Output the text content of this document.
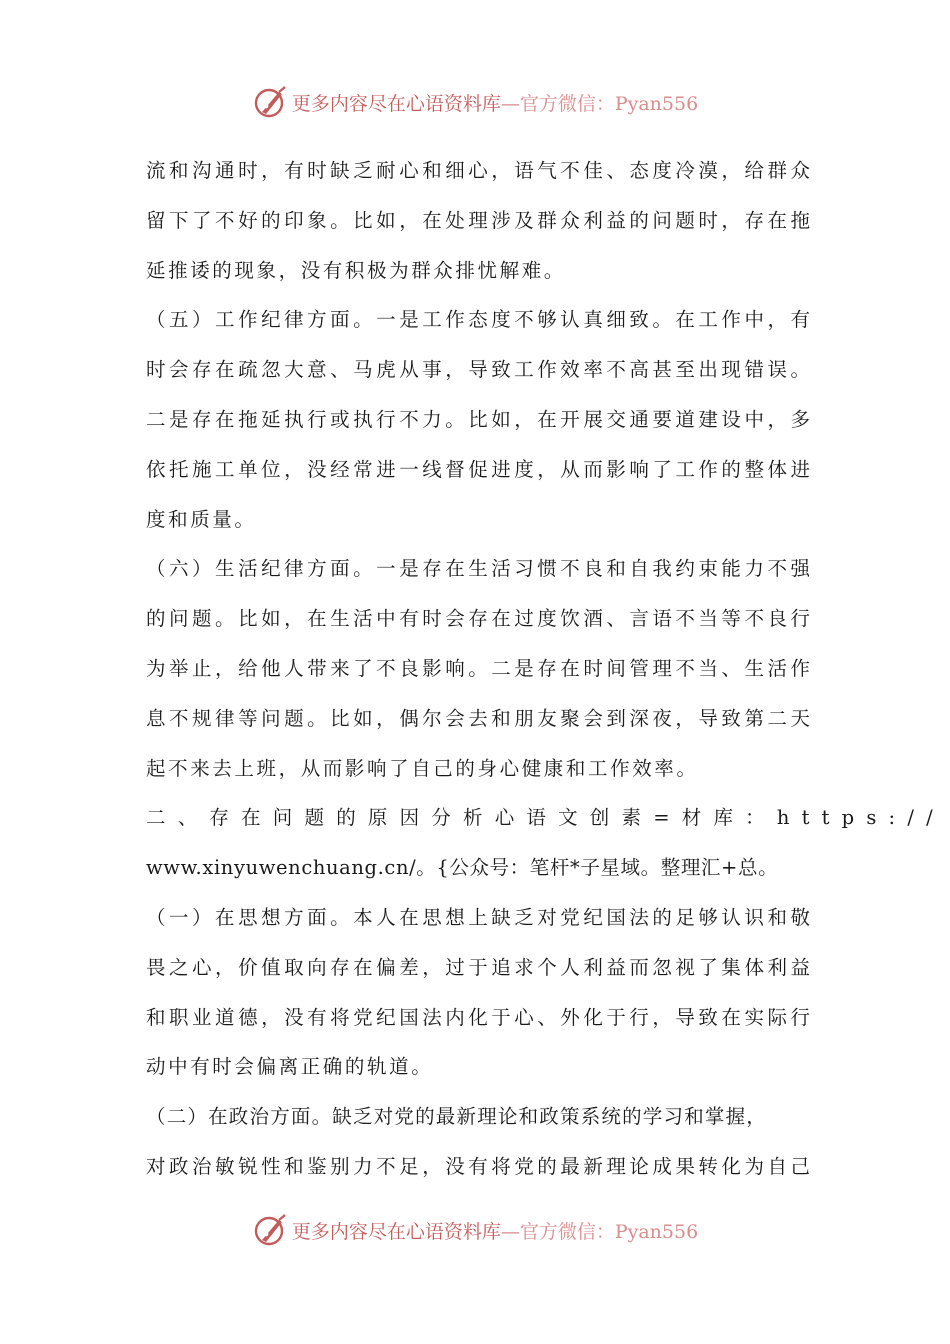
更多内容尽在心语资料库—官方微信：Pyan556
流和沟通时，有时缺乏耐心和细心，语气不佳、态度冷漠，给群众
留下了不好的印象。比如，在处理涉及群众利益的问题时，存在拖
延推诿的现象，没有积极为群众排忧解难。
（五）工作纪律方面。一是工作态度不够认真细致。在工作中，有
时会存在疏忽大意、马虎从事，导致工作效率不高甚至出现错误。
二是存在拖延执行或执行不力。比如，在开展交通要道建设中，多
依托施工单位，没经常进一线督促进度，从而影响了工作的整体进
度和质量。
（六）生活纪律方面。一是存在生活习惯不良和自我约束能力不强
的问题。比如，在生活中有时会存在过度饮酒、言语不当等不良行
为举止，给他人带来了不良影响。二是存在时间管理不当、生活作
息不规律等问题。比如，偶尔会去和朋友聚会到深夜，导致第二天
起不来去上班，从而影响了自己的身心健康和工作效率。
二、存在问题的原因分析心语文创素=材库：https://
www.xinyuwenchuang.cn/。{公众号：笔杆*子星域。整理汇+总。
（一）在思想方面。本人在思想上缺乏对党纪国法的足够认识和敬
畏之心，价值取向存在偏差，过于追求个人利益而忽视了集体利益
和职业道德，没有将党纪国法内化于心、外化于行，导致在实际行
动中有时会偏离正确的轨道。
（二）在政治方面。缺乏对党的最新理论和政策系统的学习和掌握，
对政治敏锐性和鉴别力不足，没有将党的最新理论成果转化为自己
更多内容尽在心语资料库—官方微信：Pyan556
